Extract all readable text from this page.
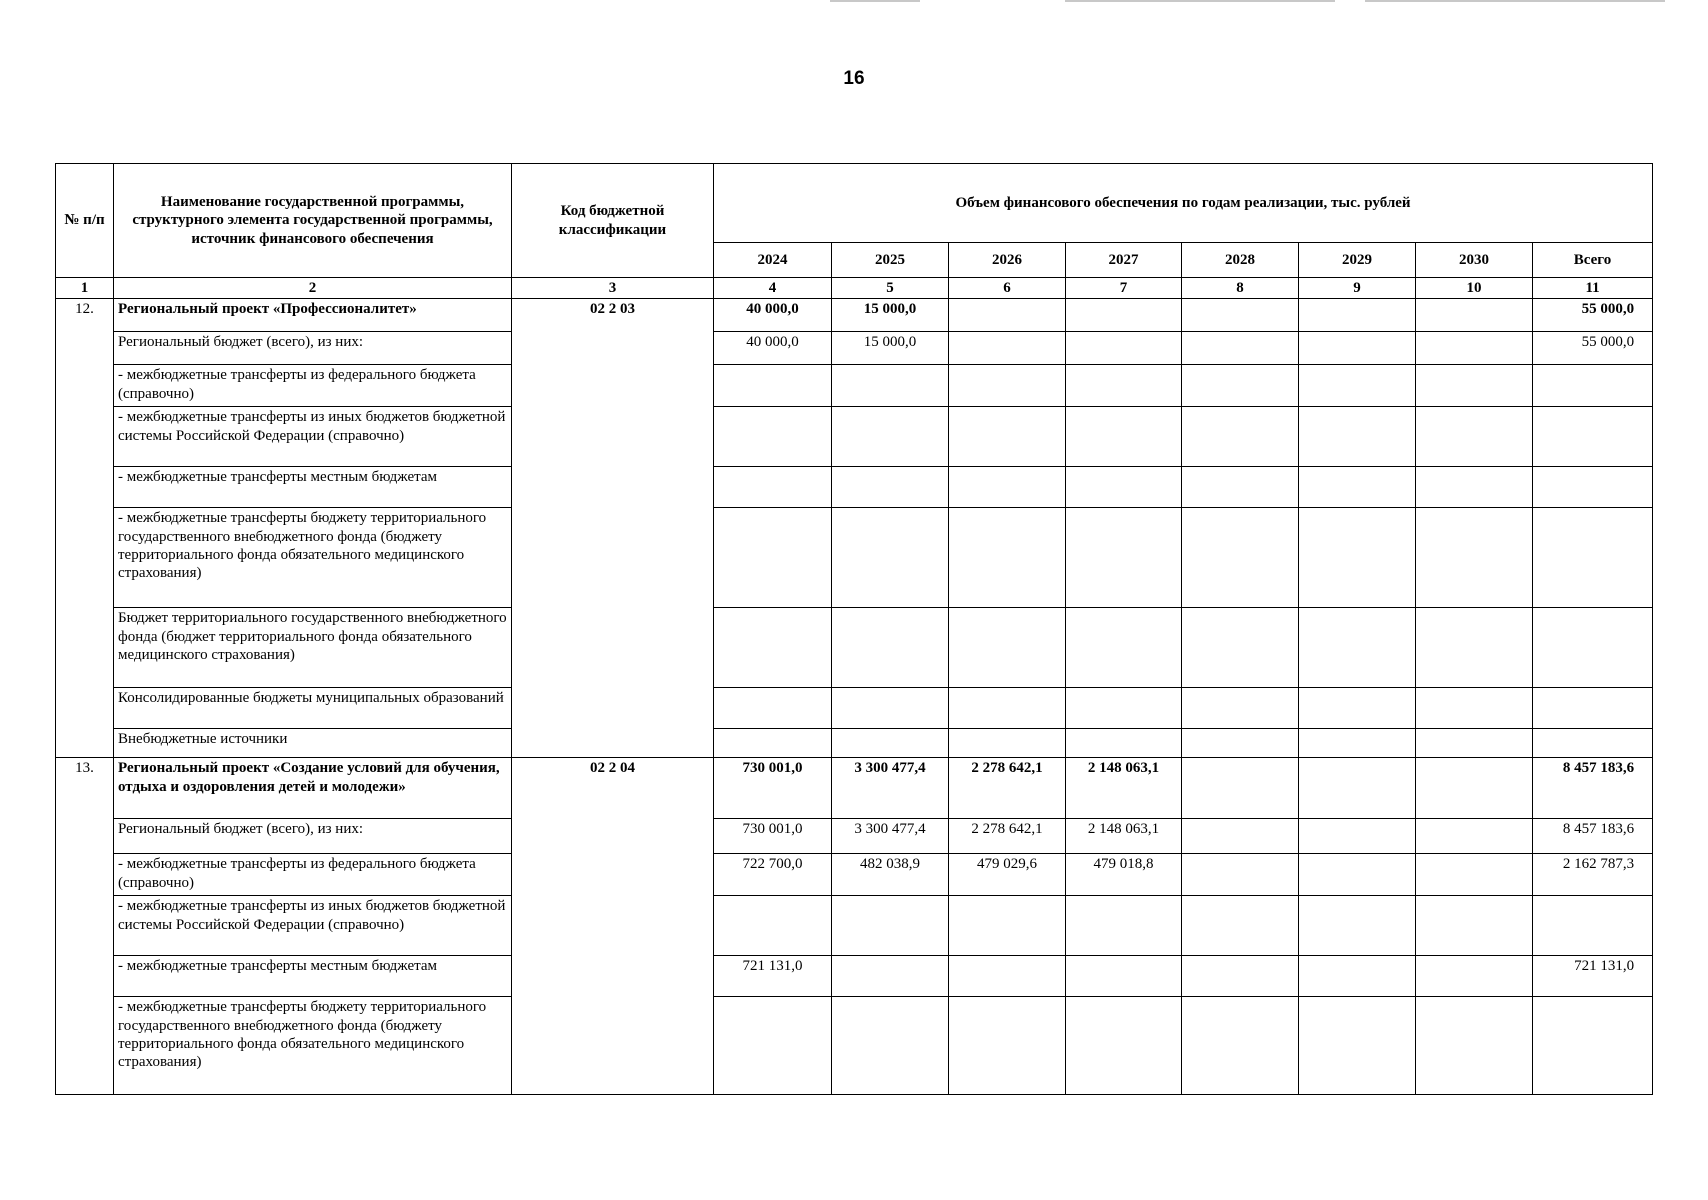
16
№ п/п	Наименование государственной программы, структурного элемента государственной программы, источник финансового обеспечения	Код бюджетной классификации	Объем финансового обеспечения по годам реализации, тыс. рублей							
			2024	2025	2026	2027	2028	2029	2030	Всего
1	2	3	4	5	6	7	8	9	10	11
12.	Региональный проект «Профессионалитет»	02 2 03	40 000,0	15 000,0						55 000,0
	Региональный бюджет (всего), из них:		40 000,0	15 000,0						55 000,0
	- межбюджетные трансферты из федерального бюджета (справочно)									
	- межбюджетные трансферты из иных бюджетов бюджетной системы Российской Федерации (справочно)									
	- межбюджетные трансферты местным бюджетам									
	- межбюджетные трансферты бюджету территориального государственного внебюджетного фонда (бюджету территориального фонда обязательного медицинского страхования)									
	Бюджет территориального государственного внебюджетного фонда (бюджет территориального фонда обязательного медицинского страхования)									
	Консолидированные бюджеты муниципальных образований									
	Внебюджетные источники									
13.	Региональный проект «Создание условий для обучения, отдыха и оздоровления детей и молодежи»	02 2 04	730 001,0	3 300 477,4	2 278 642,1	2 148 063,1				8 457 183,6
	Региональный бюджет (всего), из них:		730 001,0	3 300 477,4	2 278 642,1	2 148 063,1				8 457 183,6
	- межбюджетные трансферты из федерального бюджета (справочно)		722 700,0	482 038,9	479 029,6	479 018,8				2 162 787,3
	- межбюджетные трансферты из иных бюджетов бюджетной системы Российской Федерации (справочно)									
	- межбюджетные трансферты местным бюджетам		721 131,0							721 131,0
	- межбюджетные трансферты бюджету территориального государственного внебюджетного фонда (бюджету территориального фонда обязательного медицинского страхования)									
